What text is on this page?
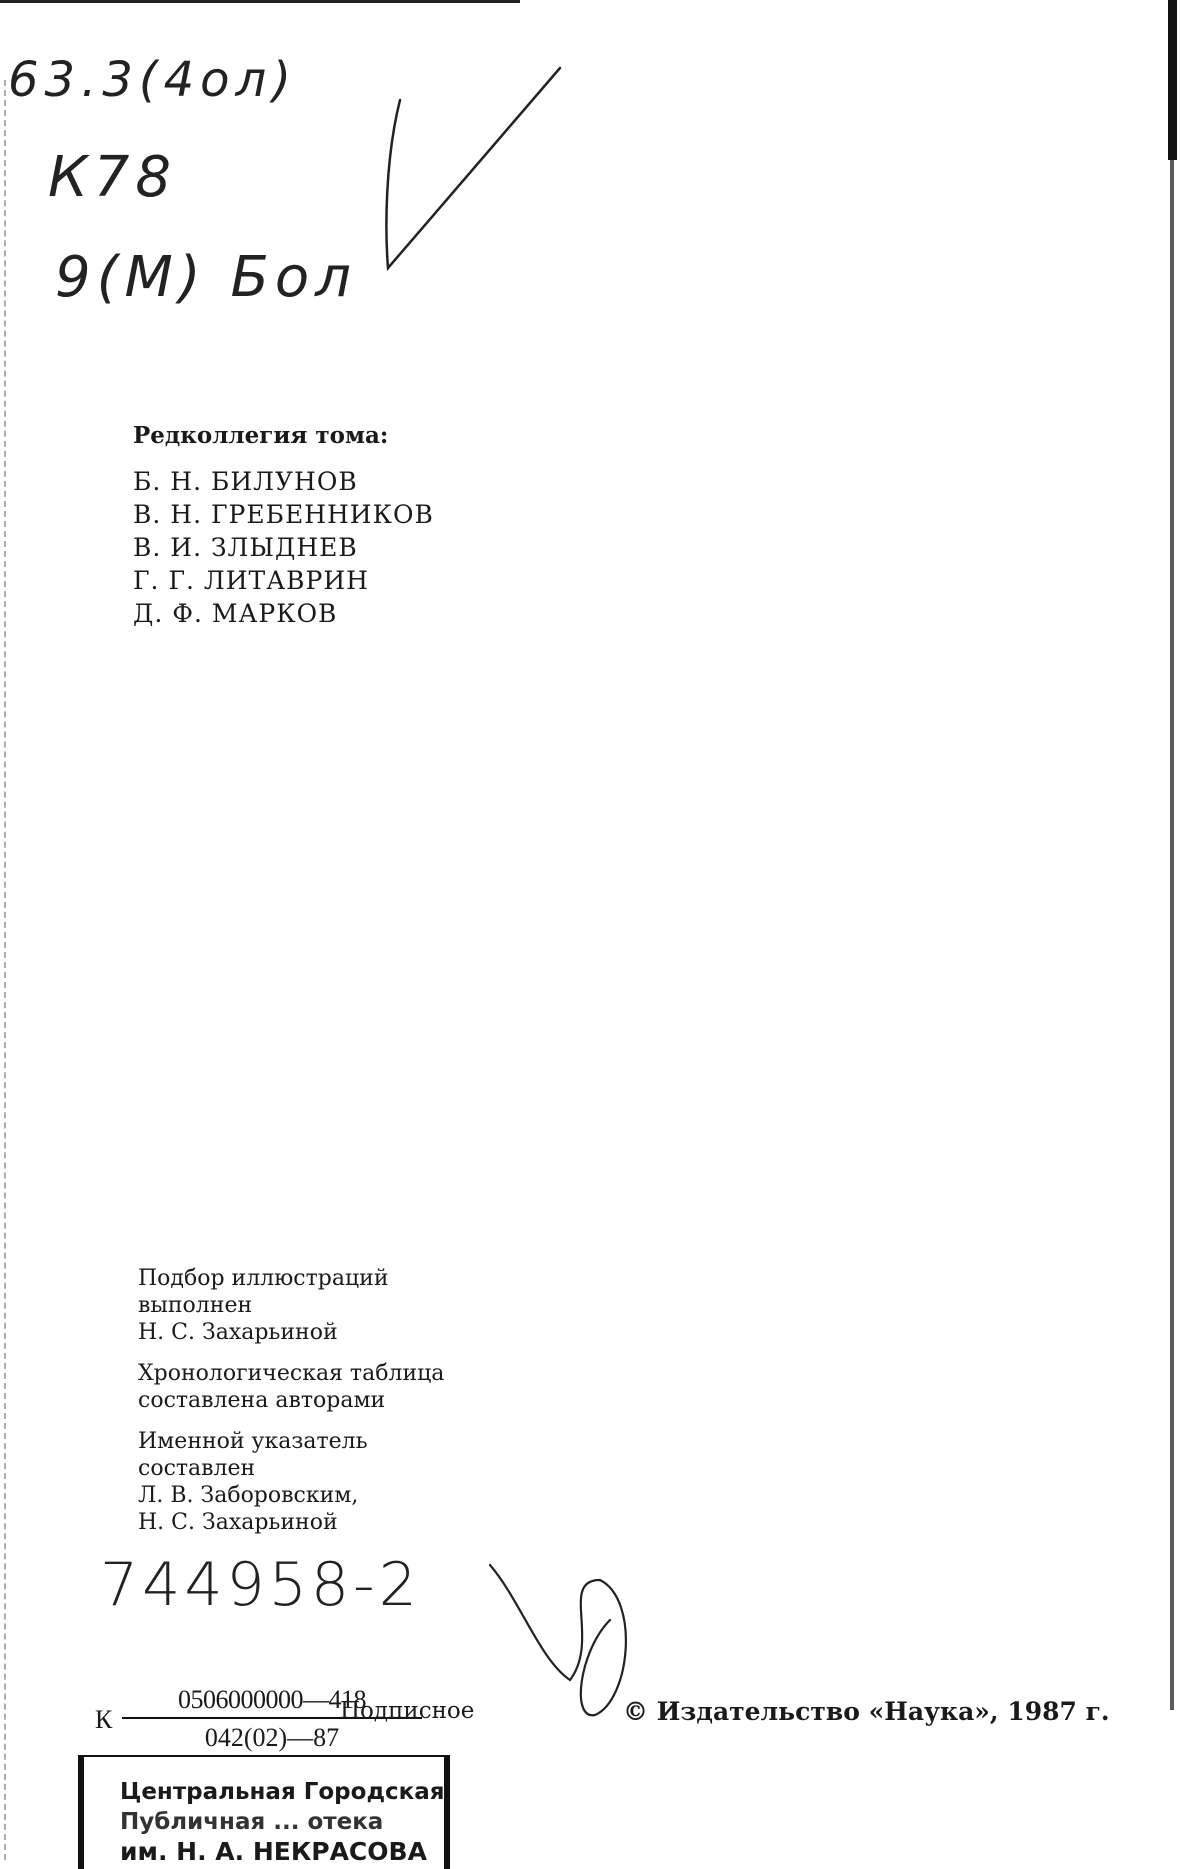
63.3(4ол)
К78
9(М) Бол
Редколлегия тома:
Б. Н. БИЛУНОВ
В. Н. ГРЕБЕННИКОВ
В. И. ЗЛЫДНЕВ
Г. Г. ЛИТАВРИН
Д. Ф. МАРКОВ
Подбор иллюстраций
выполнен
Н. С. Захарьиной
Хронологическая таблица
составлена авторами
Именной указатель
составлен
Л. В. Заборовским,
Н. С. Захарьиной
744958-2
К
0506000000—418
042(02)—87
Подписное	© Издательство «Наука», 1987 г.
Центральная Городская
Публичная ... отека
им. Н. А. НЕКРАСОВА
